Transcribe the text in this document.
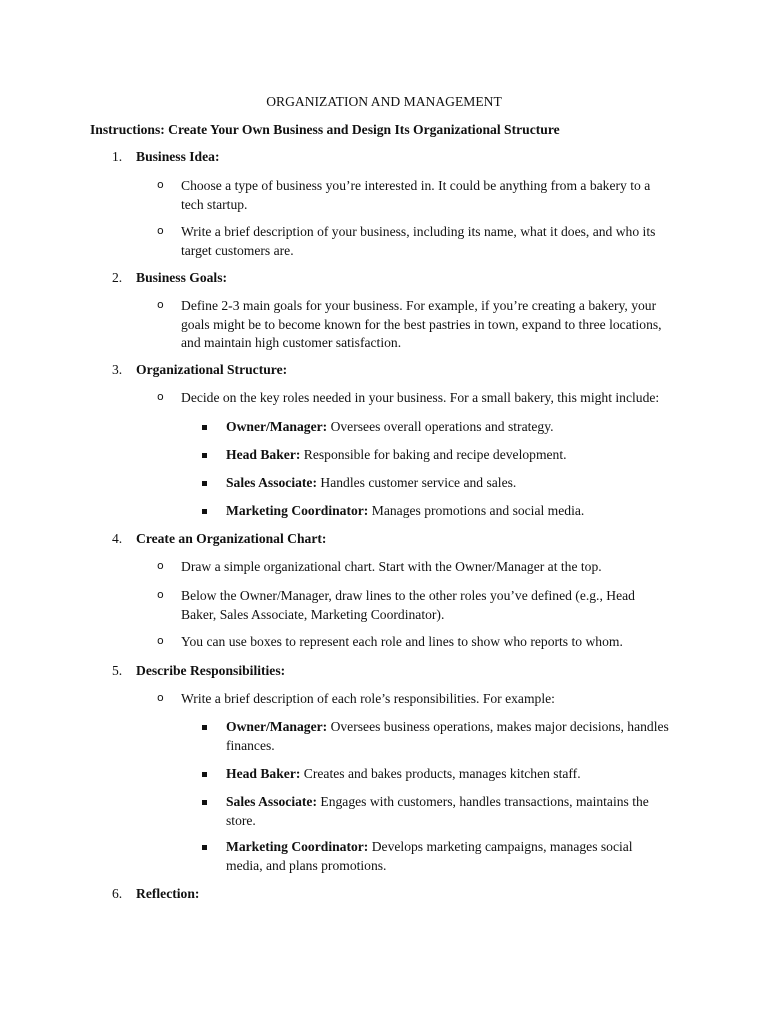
ORGANIZATION AND MANAGEMENT
Instructions: Create Your Own Business and Design Its Organizational Structure
1. Business Idea:
o Choose a type of business you’re interested in. It could be anything from a bakery to a tech startup.
o Write a brief description of your business, including its name, what it does, and who its target customers are.
2. Business Goals:
o Define 2-3 main goals for your business. For example, if you’re creating a bakery, your goals might be to become known for the best pastries in town, expand to three locations, and maintain high customer satisfaction.
3. Organizational Structure:
o Decide on the key roles needed in your business. For a small bakery, this might include:
Owner/Manager: Oversees overall operations and strategy.
Head Baker: Responsible for baking and recipe development.
Sales Associate: Handles customer service and sales.
Marketing Coordinator: Manages promotions and social media.
4. Create an Organizational Chart:
o Draw a simple organizational chart. Start with the Owner/Manager at the top.
o Below the Owner/Manager, draw lines to the other roles you’ve defined (e.g., Head Baker, Sales Associate, Marketing Coordinator).
o You can use boxes to represent each role and lines to show who reports to whom.
5. Describe Responsibilities:
o Write a brief description of each role’s responsibilities. For example:
Owner/Manager: Oversees business operations, makes major decisions, handles finances.
Head Baker: Creates and bakes products, manages kitchen staff.
Sales Associate: Engages with customers, handles transactions, maintains the store.
Marketing Coordinator: Develops marketing campaigns, manages social media, and plans promotions.
6. Reflection:
